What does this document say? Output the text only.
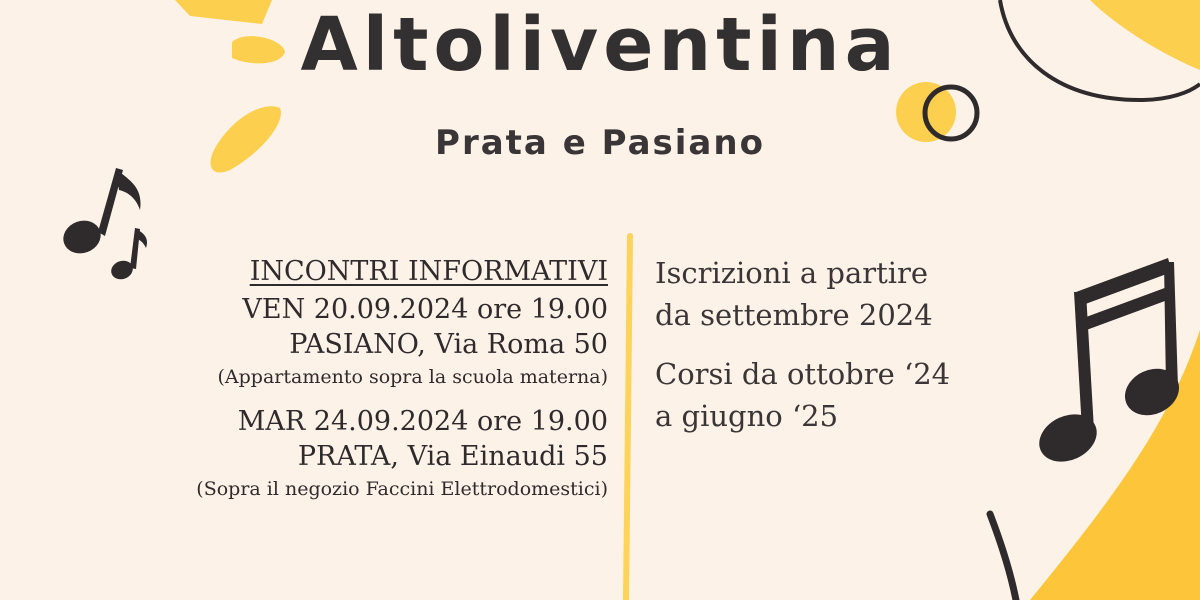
Altoliventina
Prata e Pasiano

INCONTRI INFORMATIVI

VEN 20.09.2024 ore 19.00

PASIANO, Via Roma 50

(Appartamento sopra la scuola materna)

MAR 24.09.2024 ore 19.00

PRATA, Via Einaudi 55

(Sopra il negozio Faccini Elettrodomestici)

Iscrizioni a partire

da settembre 2024

Corsi da ottobre ‘24

a giugno ‘25
